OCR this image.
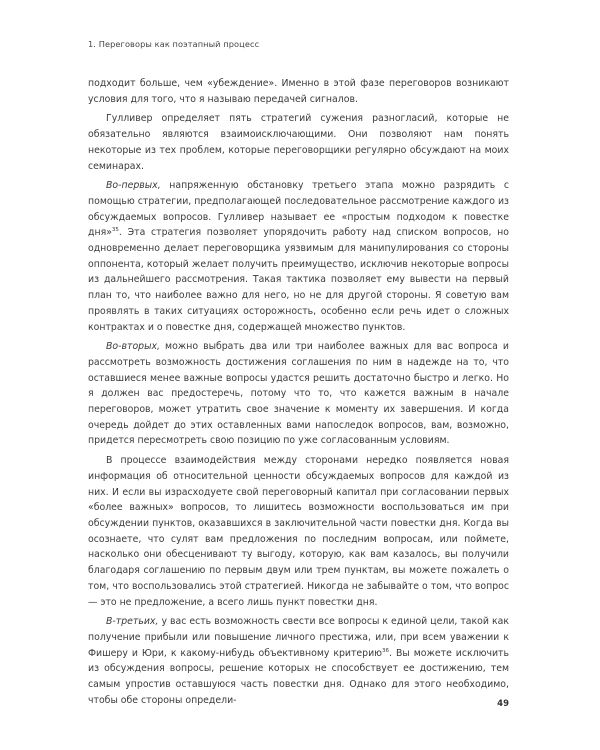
1. Переговоры как поэтапный процесс

подходит больше, чем «убеждение». Именно в этой фазе переговоров возникают условия для того, что я называю передачей сигналов.

Гулливер определяет пять стратегий сужения разногласий, которые не обязательно являются взаимоисключающими. Они позволяют нам понять некоторые из тех проблем, которые переговорщики регулярно обсуждают на моих семинарах.

Во-первых, напряженную обстановку третьего этапа можно разрядить с помощью стратегии, предполагающей последовательное рассмотрение каждого из обсуждаемых вопросов. Гулливер называет ее «простым подходом к повестке дня»$^{35}$. Эта стратегия позволяет упорядочить работу над списком вопросов, но одновременно делает переговорщика уязвимым для манипулирования со стороны оппонента, который желает получить преимущество, исключив некоторые вопросы из дальнейшего рассмотрения. Такая тактика позволяет ему вывести на первый план то, что наиболее важно для него, но не для другой стороны. Я советую вам проявлять в таких ситуациях осторожность, особенно если речь идет о сложных контрактах и о повестке дня, содержащей множество пунктов.

Во-вторых, можно выбрать два или три наиболее важных для вас вопроса и рассмотреть возможность достижения соглашения по ним в надежде на то, что оставшиеся менее важные вопросы удастся решить достаточно быстро и легко. Но я должен вас предостеречь, потому что то, что кажется важным в начале переговоров, может утратить свое значение к моменту их завершения. И когда очередь дойдет до этих оставленных вами напоследок вопросов, вам, возможно, придется пересмотреть свою позицию по уже согласованным условиям.

В процессе взаимодействия между сторонами нередко появляется новая информация об относительной ценности обсуждаемых вопросов для каждой из них. И если вы израсходуете свой переговорный капитал при согласовании первых «более важных» вопросов, то лишитесь возможности воспользоваться им при обсуждении пунктов, оказавшихся в заключительной части повестки дня. Когда вы осознаете, что сулят вам предложения по последним вопросам, или поймете, насколько они обесценивают ту выгоду, которую, как вам казалось, вы получили благодаря соглашению по первым двум или трем пунктам, вы можете пожалеть о том, что воспользовались этой стратегией. Никогда не забывайте о том, что вопрос — это не предложение, а всего лишь пункт повестки дня.

В-третьих, у вас есть возможность свести все вопросы к единой цели, такой как получение прибыли или повышение личного престижа, или, при всем уважении к Фишеру и Юри, к какому-нибудь объективному критерию$^{36}$. Вы можете исключить из обсуждения вопросы, решение которых не способствует ее достижению, тем самым упростив оставшуюся часть повестки дня. Однако для этого необходимо, чтобы обе стороны определи-	49
